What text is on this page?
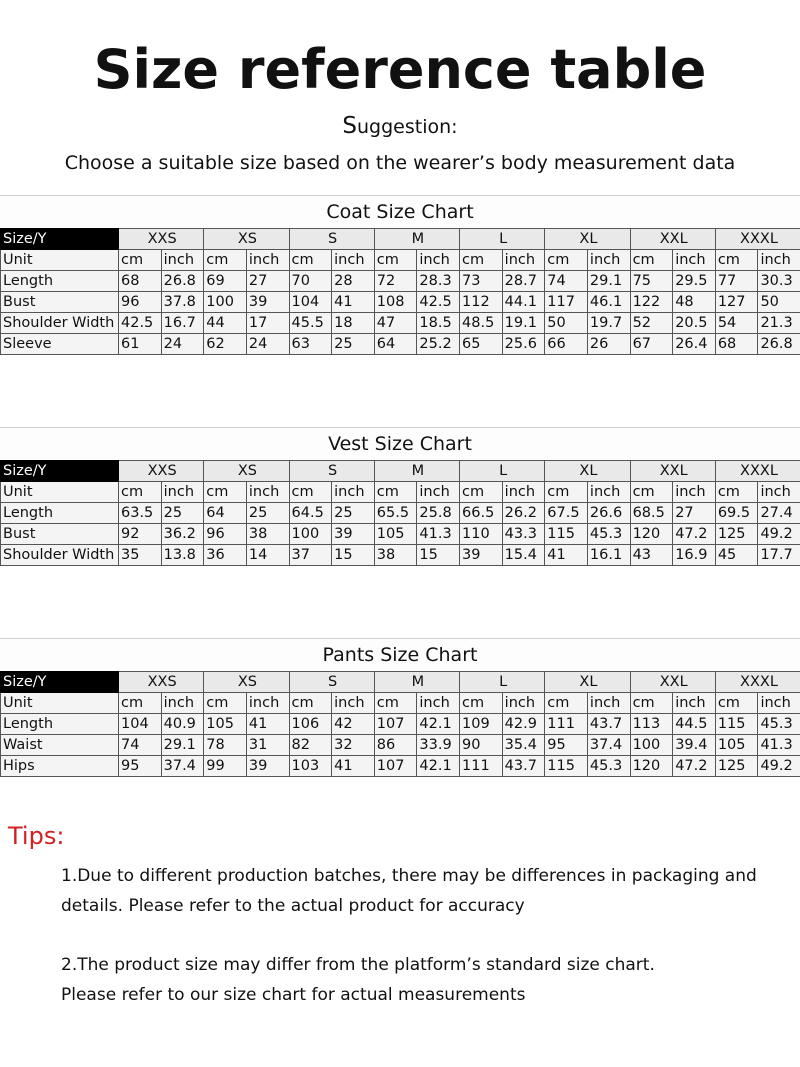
Size reference table
Suggestion:
Choose a suitable size based on the wearer’s body measurement data
Coat Size Chart
Size/Y	XXS		XS		S		M		L		XL		XXL		XXXL	
Unit	cm	inch	cm	inch	cm	inch	cm	inch	cm	inch	cm	inch	cm	inch	cm	inch
Length	68	26.8	69	27	70	28	72	28.3	73	28.7	74	29.1	75	29.5	77	30.3
Bust	96	37.8	100	39	104	41	108	42.5	112	44.1	117	46.1	122	48	127	50
Shoulder Width	42.5	16.7	44	17	45.5	18	47	18.5	48.5	19.1	50	19.7	52	20.5	54	21.3
Sleeve	61	24	62	24	63	25	64	25.2	65	25.6	66	26	67	26.4	68	26.8
Vest Size Chart
Size/Y	XXS		XS		S		M		L		XL		XXL		XXXL	
Unit	cm	inch	cm	inch	cm	inch	cm	inch	cm	inch	cm	inch	cm	inch	cm	inch
Length	63.5	25	64	25	64.5	25	65.5	25.8	66.5	26.2	67.5	26.6	68.5	27	69.5	27.4
Bust	92	36.2	96	38	100	39	105	41.3	110	43.3	115	45.3	120	47.2	125	49.2
Shoulder Width	35	13.8	36	14	37	15	38	15	39	15.4	41	16.1	43	16.9	45	17.7
Pants Size Chart
Size/Y	XXS		XS		S		M		L		XL		XXL		XXXL	
Unit	cm	inch	cm	inch	cm	inch	cm	inch	cm	inch	cm	inch	cm	inch	cm	inch
Length	104	40.9	105	41	106	42	107	42.1	109	42.9	111	43.7	113	44.5	115	45.3
Waist	74	29.1	78	31	82	32	86	33.9	90	35.4	95	37.4	100	39.4	105	41.3
Hips	95	37.4	99	39	103	41	107	42.1	111	43.7	115	45.3	120	47.2	125	49.2
Tips:
1.Due to different production batches, there may be differences in packaging and
details. Please refer to the actual product for accuracy
2.The product size may differ from the platform’s standard size chart.
Please refer to our size chart for actual measurements
